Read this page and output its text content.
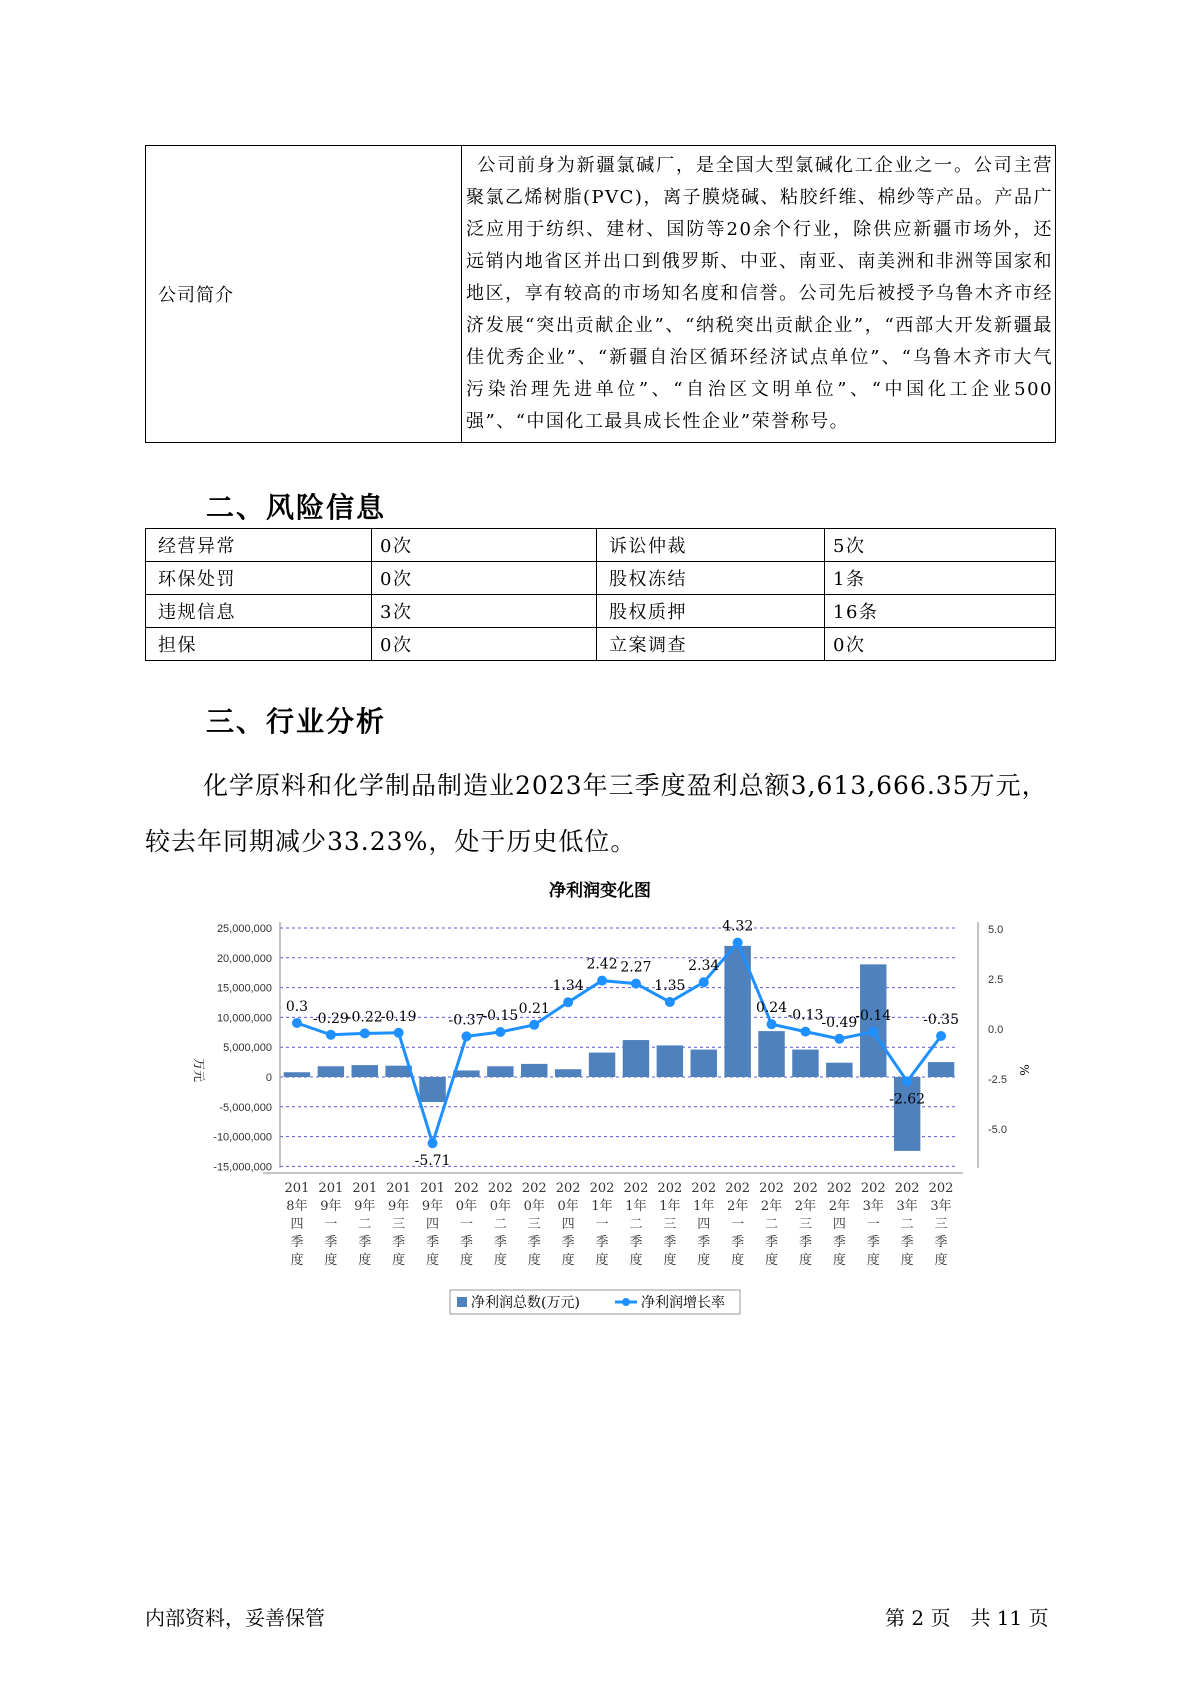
公司简介	公司前身为新疆氯碱厂，是全国大型氯碱化工企业之一。公司主营聚氯乙烯树脂(PVC)，离子膜烧碱、粘胶纤维、棉纱等产品。产品广泛应用于纺织、建材、国防等20余个行业，除供应新疆市场外，还远销内地省区并出口到俄罗斯、中亚、南亚、南美洲和非洲等国家和地区，享有较高的市场知名度和信誉。公司先后被授予乌鲁木齐市经济发展“突出贡献企业”、“纳税突出贡献企业”，“西部大开发新疆最佳优秀企业”、“新疆自治区循环经济试点单位”、“乌鲁木齐市大气污染治理先进单位”、“自治区文明单位”、“中国化工企业500强”、“中国化工最具成长性企业”荣誉称号。
二、风险信息
经营异常	0次	诉讼仲裁	5次
环保处罚	0次	股权冻结	1条
违规信息	3次	股权质押	16条
担保	0次	立案调查	0次
三、行业分析
化学原料和化学制品制造业2023年三季度盈利总额3,613,666.35万元，较去年同期减少33.23%，处于历史低位。
净利润变化图
25,000,000
20,000,000
15,000,000
10,000,000
5,000,000
0
-5,000,000
-10,000,000
-15,000,000
5.0
2.5
0.0
-2.5
-5.0
万元	%
0.3
-0.29
-0.22
-0.19
-5.71
-0.37
-0.15 0.21
1.34
2.42 2.27
1.35
2.34
4.32
0.24 -0.13
-0.49
-0.14
-2.62
-0.35
201
8年
四
季
度
201
9年
一
季
度
201
9年
二
季
度
201
9年
三
季
度
201
9年
四
季
度
202
0年
一
季
度
202
0年
二
季
度
202
0年
三
季
度
202
0年
四
季
度
202
1年
一
季
度
202
1年
二
季
度
202
1年
三
季
度
202
1年
四
季
度
202
2年
一
季
度
202
2年
二
季
度
202
2年
三
季
度
202
2年
四
季
度
202
3年
一
季
度
202
3年
二
季
度
202
3年
三
季
度
净利润总数(万元)	净利润增长率
内部资料，妥善保管	第 2 页　共 11 页
